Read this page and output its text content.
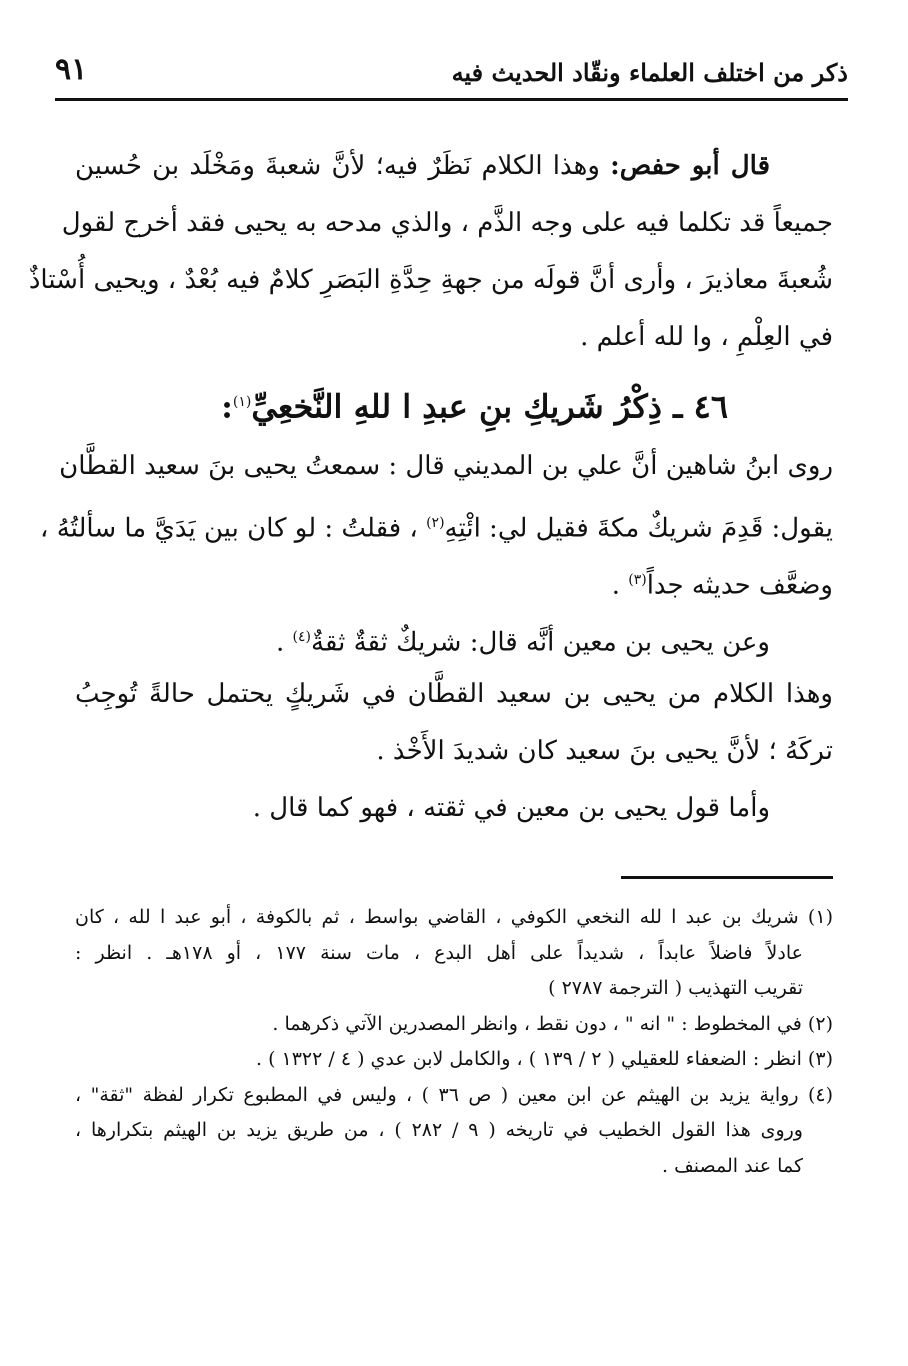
ذكر من اختلف العلماء ونقّاد الحديث فيه
٩١
قال أبو حفص: وهذا الكلام نَظَرٌ فيه؛ لأنَّ شعبةَ ومَخْلَد بن حُسين
جميعاً قد تكلما فيه على وجه الذَّم ، والذي مدحه به يحيى فقد أخرج لقول
شُعبةَ معاذيرَ ، وأرى أنَّ قولَه من جهةِ حِدَّةِ البَصَرِ كلامٌ فيه بُعْدٌ ، ويحيى أُسْتاذٌ
في العِلْمِ ، وا لله أعلم .
٤٦ ـ ذِكْرُ شَريكِ بنِ عبدِ ا للهِ النَّخعِيِّ$^{(١)}$:
روى ابنُ شاهين أنَّ علي بن المديني قال : سمعتُ يحيى بنَ سعيد القطَّان
يقول: قَدِمَ شريكٌ مكةَ فقيل لي: ائْتِهِ$^{(٢)}$ ، فقلتُ : لو كان بين يَدَيَّ ما سألتُهُ ،
وضعَّف حديثه جداً$^{(٣)}$ .
وعن يحيى بن معين أنَّه قال: شريكٌ ثقةٌ ثقةٌ$^{(٤)}$ .
وهذا الكلام من يحيى بن سعيد القطَّان في شَريكٍ يحتمل حالةً تُوجِبُ
تركَهُ ؛ لأنَّ يحيى بنَ سعيد كان شديدَ الأَخْذ .
وأما قول يحيى بن معين في ثقته ، فهو كما قال .
(١) شريك بن عبد ا لله النخعي الكوفي ، القاضي بواسط ، ثم بالكوفة ، أبو عبد ا لله ، كان
عادلاً فاضلاً عابداً ، شديداً على أهل البدع ، مات سنة ١٧٧ ، أو ١٧٨هـ . انظر :
تقريب التهذيب ( الترجمة ٢٧٨٧ )
(٢) في المخطوط : " انه " ، دون نقط ، وانظر المصدرين الآتي ذكرهما .
(٣) انظر : الضعفاء للعقيلي ( ٢ / ١٣٩ ) ، والكامل لابن عدي ( ٤ / ١٣٢٢ ) .
(٤) رواية يزيد بن الهيثم عن ابن معين ( ص ٣٦ ) ، وليس في المطبوع تكرار لفظة "ثقة" ،
وروى هذا القول الخطيب في تاريخه ( ٩ / ٢٨٢ ) ، من طريق يزيد بن الهيثم بتكرارها ،
كما عند المصنف .
